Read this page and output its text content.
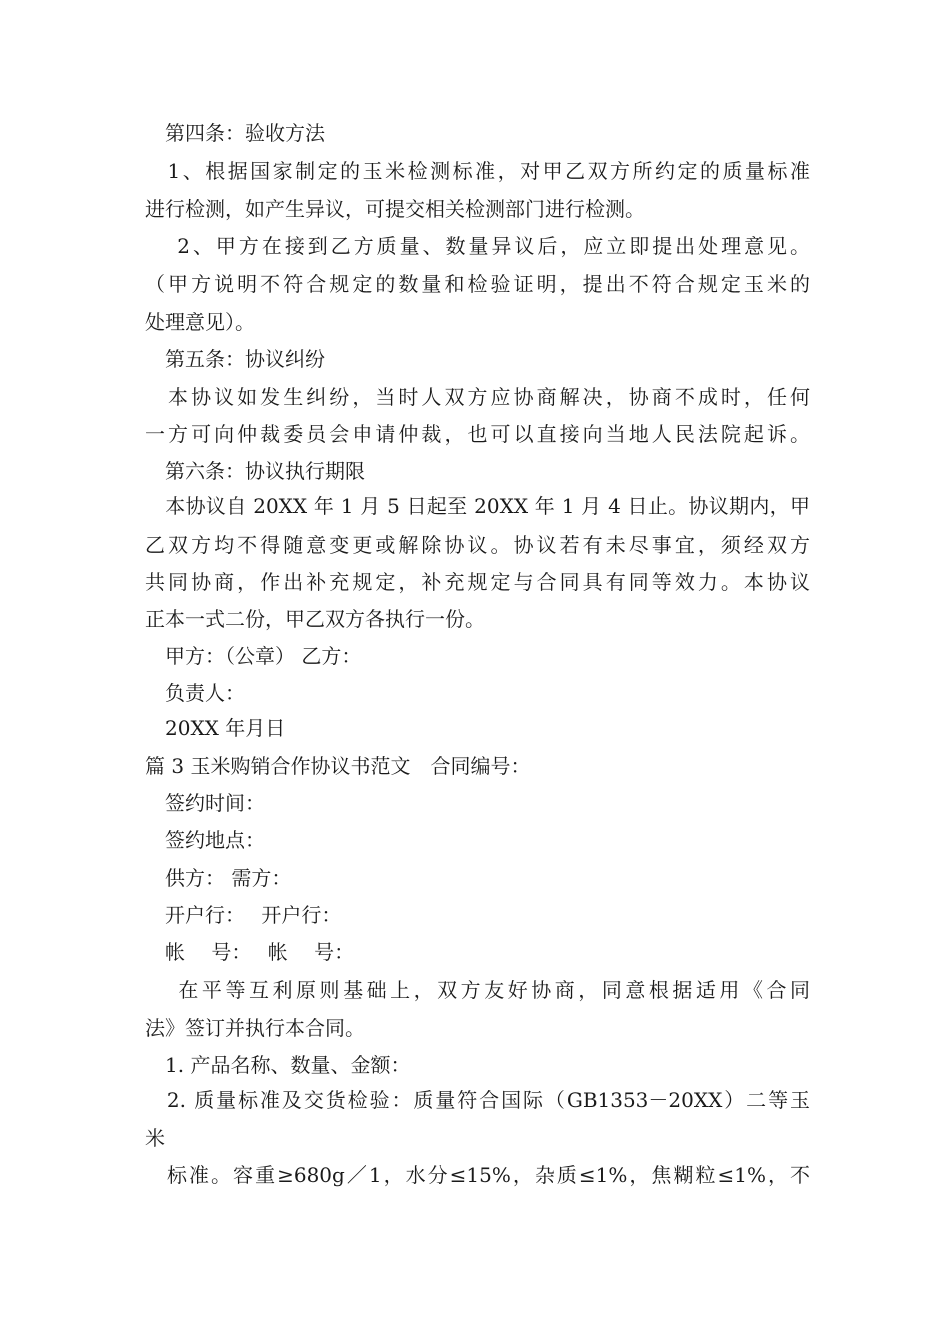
　第四条：验收方法
　1、根据国家制定的玉米检测标准，对甲乙双方所约定的质量标准
进行检测，如产生异议，可提交相关检测部门进行检测。
　 2、甲方在接到乙方质量、数量异议后，应立即提出处理意见。
（甲方说明不符合规定的数量和检验证明，提出不符合规定玉米的
处理意见）。
　第五条：协议纠纷
　本协议如发生纠纷，当时人双方应协商解决，协商不成时，任何
一方可向仲裁委员会申请仲裁，也可以直接向当地人民法院起诉。
　第六条：协议执行期限
　本协议自 20XX 年 1 月 5 日起至 20XX 年 1 月 4 日止。协议期内，甲
乙双方均不得随意变更或解除协议。协议若有未尽事宜，须经双方
共同协商，作出补充规定，补充规定与合同具有同等效力。本协议
正本一式二份，甲乙双方各执行一份。
　甲方：（公章） 乙方：
　负责人：
　20XX 年月日
篇 3 玉米购销合作协议书范文　合同编号：
　签约时间：
　签约地点：
　供方： 需方：
　开户行：　 开户行：
　帐　 号：　 帐　 号：
　 在平等互利原则基础上，双方友好协商，同意根据适用《合同
法》签订并执行本合同。
　1. 产品名称、数量、金额：
　2. 质量标准及交货检验：质量符合国际（GB1353－20XX）二等玉
米
　标准。容重≥680g／1，水分≤15%，杂质≤1%，焦糊粒≤1%，不
